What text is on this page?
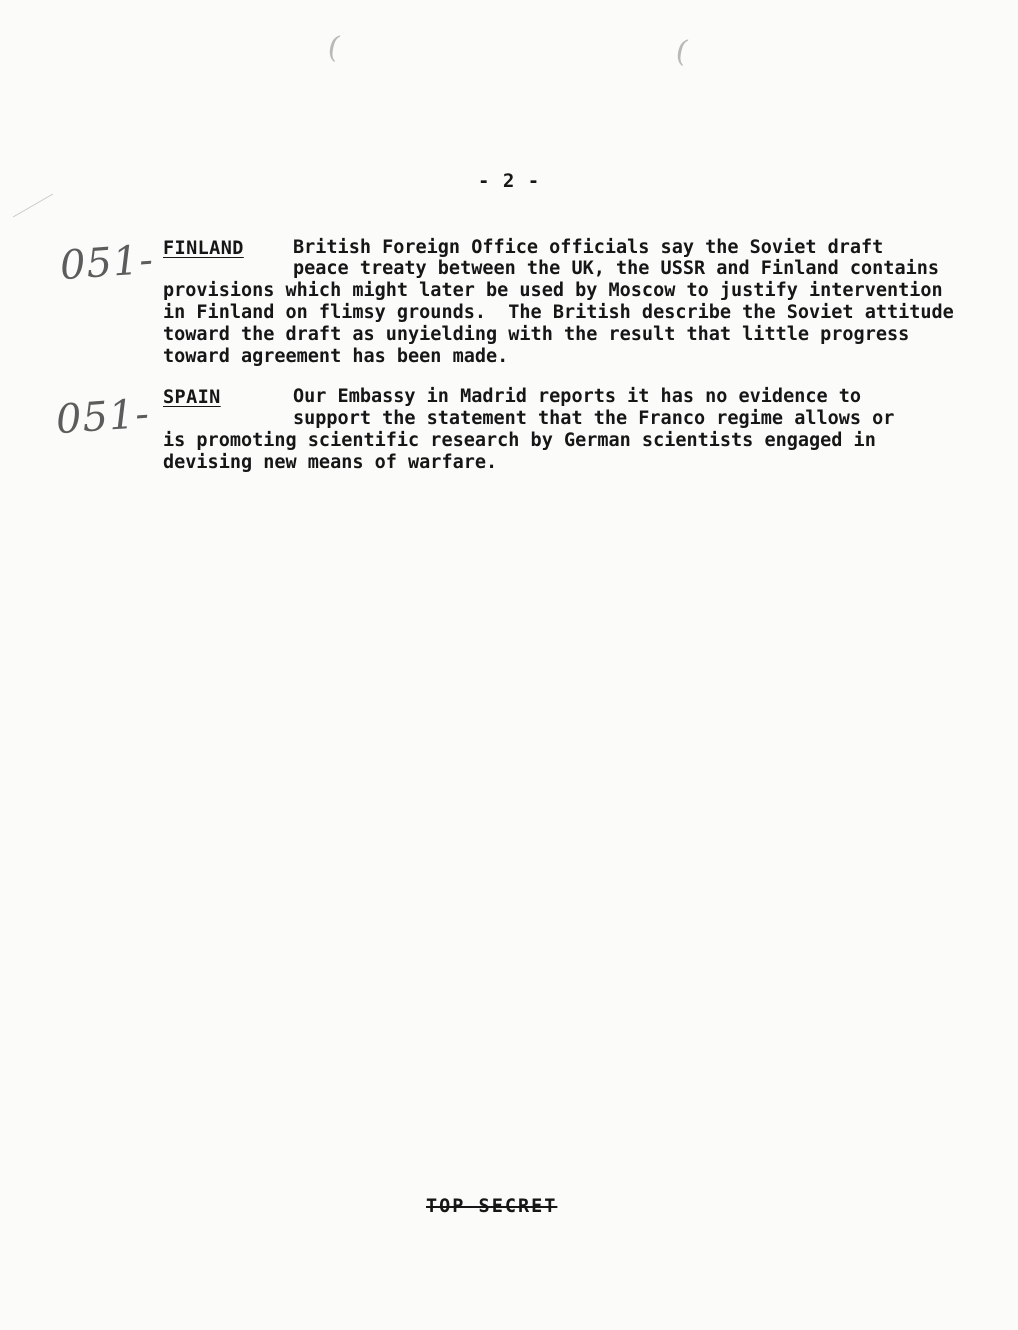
(	(
- 2 -
051- FINLAND	British Foreign Office officials say the Soviet draft
peace treaty between the UK, the USSR and Finland contains
provisions which might later be used by Moscow to justify intervention
in Finland on flimsy grounds.  The British describe the Soviet attitude
toward the draft as unyielding with the result that little progress
toward agreement has been made.
051- SPAIN	Our Embassy in Madrid reports it has no evidence to
support the statement that the Franco regime allows or
is promoting scientific research by German scientists engaged in
devising new means of warfare.
TOP SECRET
